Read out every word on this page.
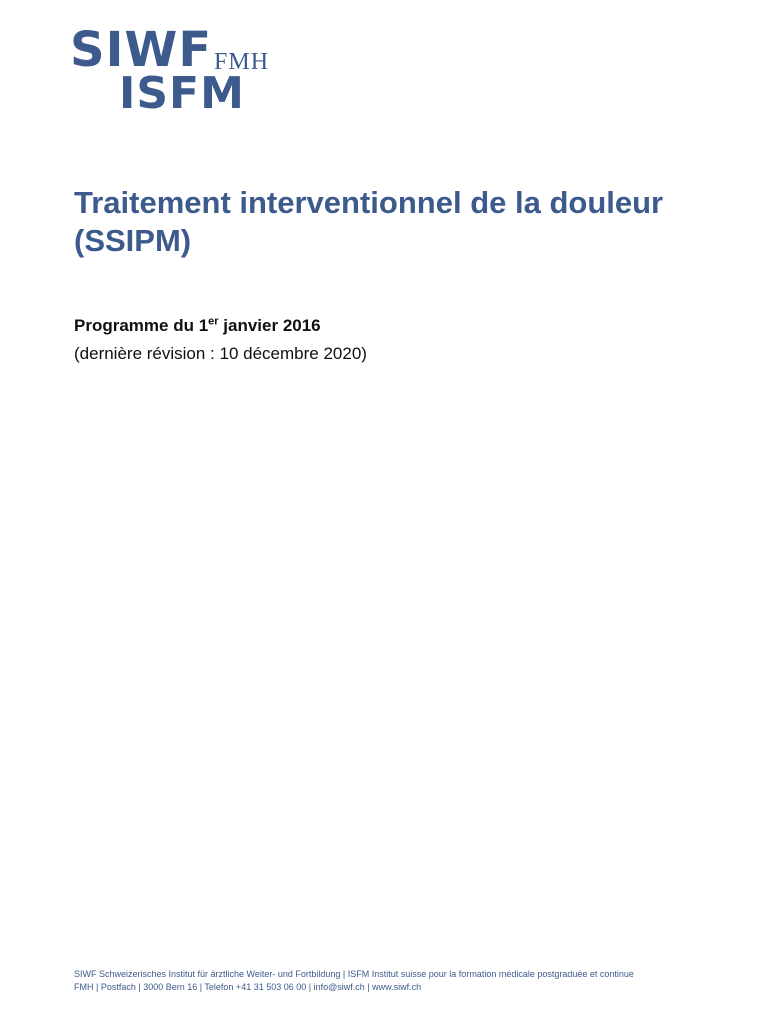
SIWF FMH
ISFM
Traitement interventionnel de la douleur (SSIPM)
Programme du 1er janvier 2016
(dernière révision : 10 décembre 2020)
SIWF Schweizerisches Institut für ärztliche Weiter- und Fortbildung | ISFM Institut suisse pour la formation médicale postgraduée et continue
FMH | Postfach | 3000 Bern 16 | Telefon +41 31 503 06 00 | info@siwf.ch | www.siwf.ch
